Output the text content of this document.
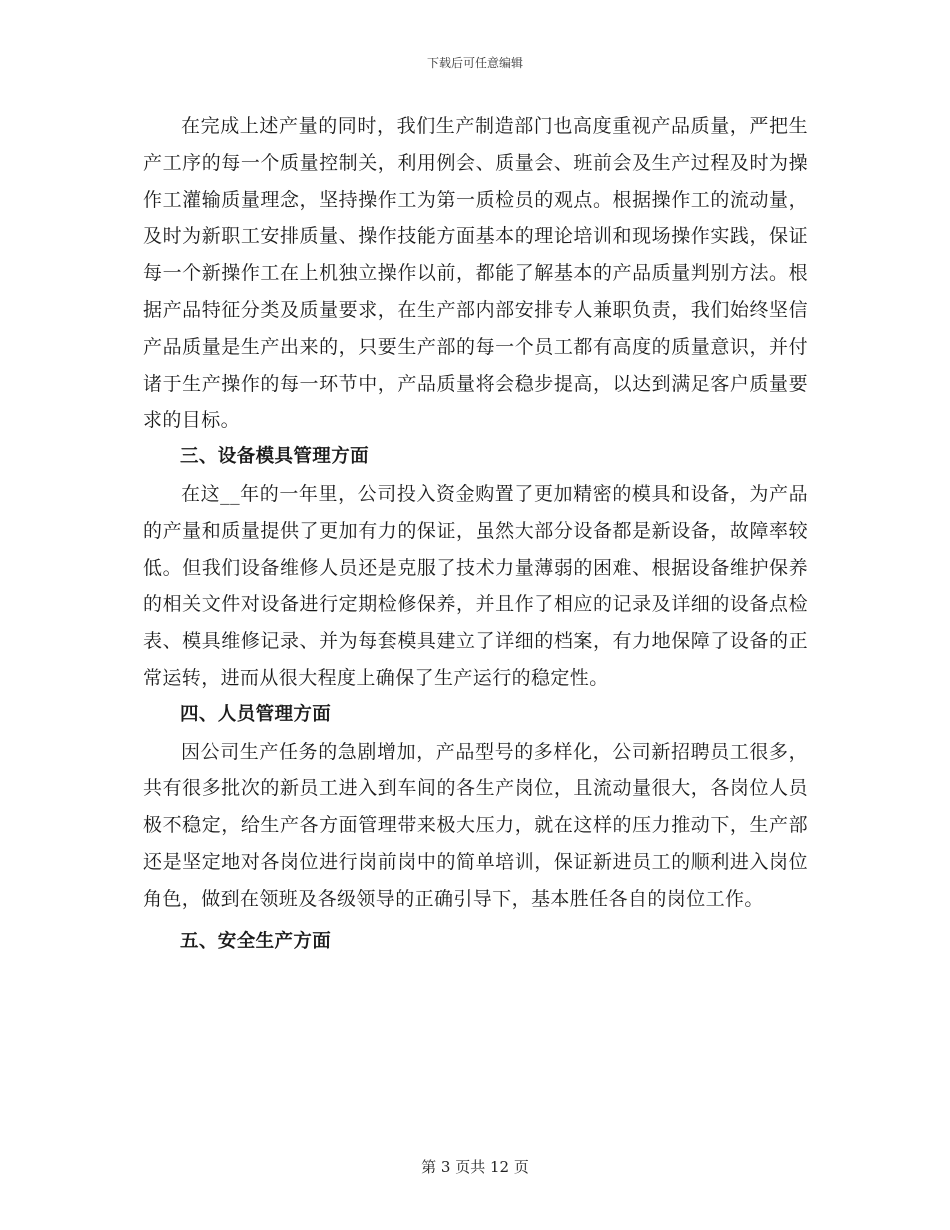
下载后可任意编辑

在完成上述产量的同时，我们生产制造部门也高度重视产品质量，严把生产工序的每一个质量控制关，利用例会、质量会、班前会及生产过程及时为操作工灌输质量理念，坚持操作工为第一质检员的观点。根据操作工的流动量，及时为新职工安排质量、操作技能方面基本的理论培训和现场操作实践，保证每一个新操作工在上机独立操作以前，都能了解基本的产品质量判别方法。根据产品特征分类及质量要求，在生产部内部安排专人兼职负责，我们始终坚信产品质量是生产出来的，只要生产部的每一个员工都有高度的质量意识，并付诸于生产操作的每一环节中，产品质量将会稳步提高，以达到满足客户质量要求的目标。

三、设备模具管理方面

在这__年的一年里，公司投入资金购置了更加精密的模具和设备，为产品的产量和质量提供了更加有力的保证，虽然大部分设备都是新设备，故障率较低。但我们设备维修人员还是克服了技术力量薄弱的困难、根据设备维护保养的相关文件对设备进行定期检修保养，并且作了相应的记录及详细的设备点检表、模具维修记录、并为每套模具建立了详细的档案，有力地保障了设备的正常运转，进而从很大程度上确保了生产运行的稳定性。

四、人员管理方面

因公司生产任务的急剧增加，产品型号的多样化，公司新招聘员工很多，共有很多批次的新员工进入到车间的各生产岗位，且流动量很大，各岗位人员极不稳定，给生产各方面管理带来极大压力，就在这样的压力推动下，生产部还是坚定地对各岗位进行岗前岗中的简单培训，保证新进员工的顺利进入岗位角色，做到在领班及各级领导的正确引导下，基本胜任各自的岗位工作。

五、安全生产方面

第 3 页共 12 页
